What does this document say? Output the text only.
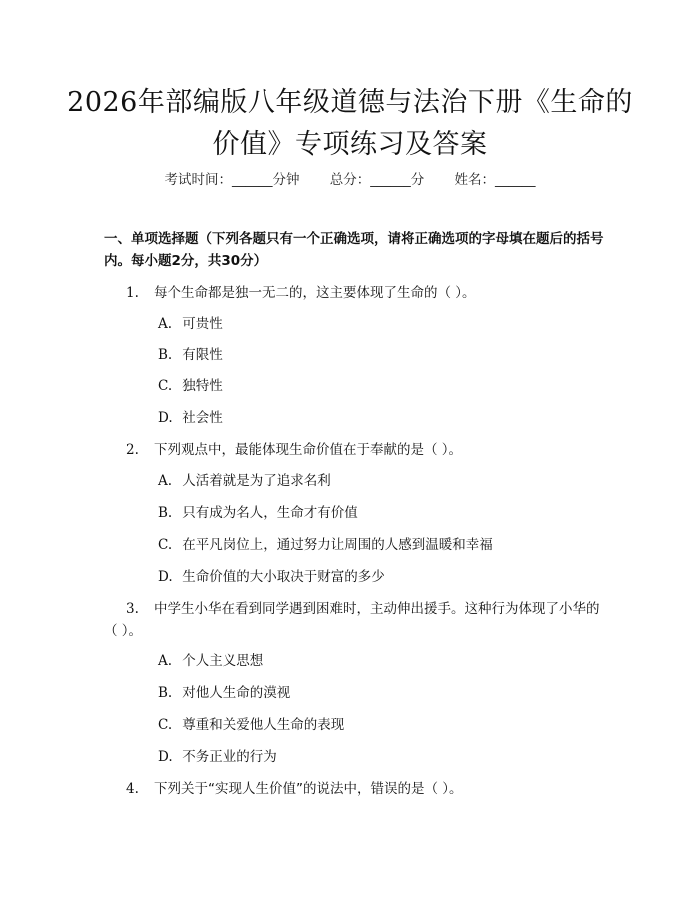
2026年部编版八年级道德与法治下册《生命的价值》专项练习及答案
考试时间：______分钟 总分：______分 姓名：______
一、单项选择题（下列各题只有一个正确选项，请将正确选项的字母填在题后的括号内。每小题2分，共30分）
1. 每个生命都是独一无二的，这主要体现了生命的（ ）。
A. 可贵性
B. 有限性
C. 独特性
D. 社会性
2. 下列观点中，最能体现生命价值在于奉献的是（ ）。
A. 人活着就是为了追求名利
B. 只有成为名人，生命才有价值
C. 在平凡岗位上，通过努力让周围的人感到温暖和幸福
D. 生命价值的大小取决于财富的多少
3. 中学生小华在看到同学遇到困难时，主动伸出援手。这种行为体现了小华的（ ）。
A. 个人主义思想
B. 对他人生命的漠视
C. 尊重和关爱他人生命的表现
D. 不务正业的行为
4. 下列关于“实现人生价值”的说法中，错误的是（ ）。
